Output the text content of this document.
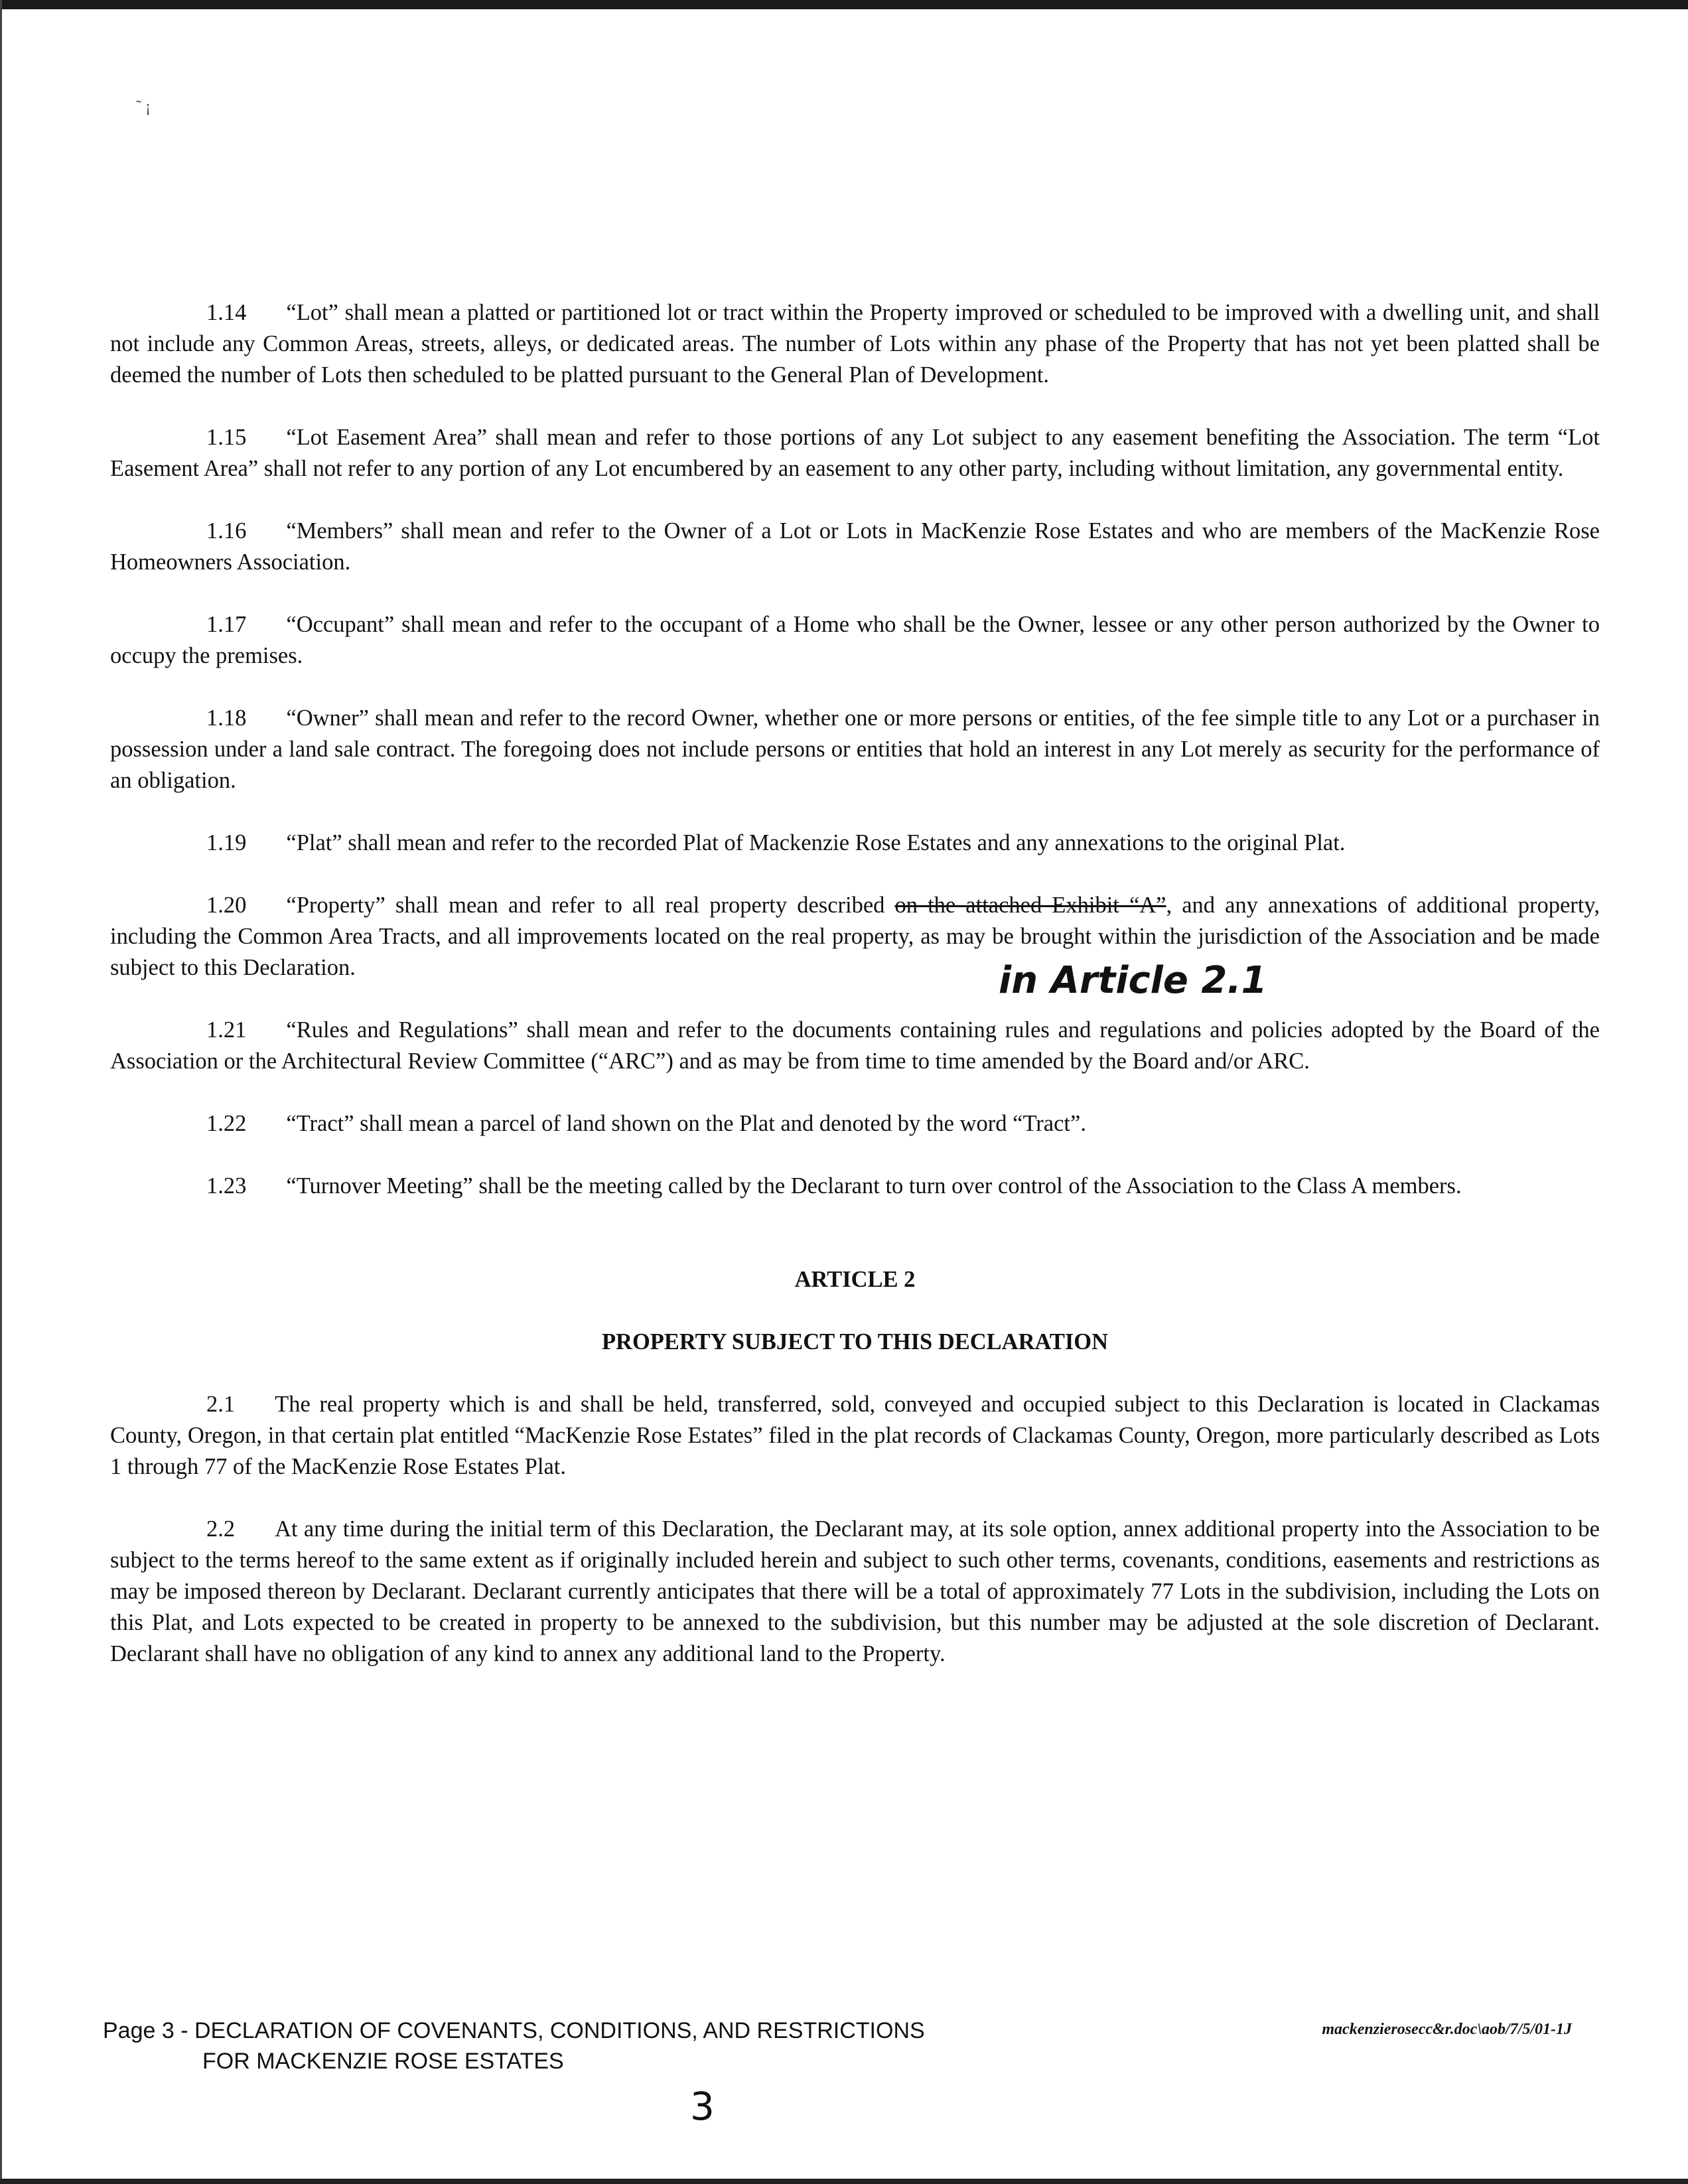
˜ ¡

1.14 “Lot” shall mean a platted or partitioned lot or tract within the Property improved or scheduled to be improved with a dwelling unit, and shall not include any Common Areas, streets, alleys, or dedicated areas. The number of Lots within any phase of the Property that has not yet been platted shall be deemed the number of Lots then scheduled to be platted pursuant to the General Plan of Development.

1.15 “Lot Easement Area” shall mean and refer to those portions of any Lot subject to any easement benefiting the Association. The term “Lot Easement Area” shall not refer to any portion of any Lot encumbered by an easement to any other party, including without limitation, any governmental entity.

1.16 “Members” shall mean and refer to the Owner of a Lot or Lots in MacKenzie Rose Estates and who are members of the MacKenzie Rose Homeowners Association.

1.17 “Occupant” shall mean and refer to the occupant of a Home who shall be the Owner, lessee or any other person authorized by the Owner to occupy the premises.

1.18 “Owner” shall mean and refer to the record Owner, whether one or more persons or entities, of the fee simple title to any Lot or a purchaser in possession under a land sale contract. The foregoing does not include persons or entities that hold an interest in any Lot merely as security for the performance of an obligation.

1.19 “Plat” shall mean and refer to the recorded Plat of Mackenzie Rose Estates and any annexations to the original Plat.

1.20 “Property” shall mean and refer to all real property described on the attached Exhibit “A”, and any annexations of additional property, including the Common Area Tracts, and all improvements located on the real property, as may be brought within the jurisdiction of the Association and be made subject to this Declaration.

1.21 “Rules and Regulations” shall mean and refer to the documents containing rules and regulations and policies adopted by the Board of the Association or the Architectural Review Committee (“ARC”) and as may be from time to time amended by the Board and/or ARC.

1.22 “Tract” shall mean a parcel of land shown on the Plat and denoted by the word “Tract”.

1.23 “Turnover Meeting” shall be the meeting called by the Declarant to turn over control of the Association to the Class A members.

ARTICLE 2
PROPERTY SUBJECT TO THIS DECLARATION

2.1 The real property which is and shall be held, transferred, sold, conveyed and occupied subject to this Declaration is located in Clackamas County, Oregon, in that certain plat entitled “MacKenzie Rose Estates” filed in the plat records of Clackamas County, Oregon, more particularly described as Lots 1 through 77 of the MacKenzie Rose Estates Plat.

2.2 At any time during the initial term of this Declaration, the Declarant may, at its sole option, annex additional property into the Association to be subject to the terms hereof to the same extent as if originally included herein and subject to such other terms, covenants, conditions, easements and restrictions as may be imposed thereon by Declarant. Declarant currently anticipates that there will be a total of approximately 77 Lots in the subdivision, including the Lots on this Plat, and Lots expected to be created in property to be annexed to the subdivision, but this number may be adjusted at the sole discretion of Declarant. Declarant shall have no obligation of any kind to annex any additional land to the Property.

in Article 2.1
Page 3 - DECLARATION OF COVENANTS, CONDITIONS, AND RESTRICTIONS
FOR MACKENZIE ROSE ESTATES
mackenzierosecc&r.doc\aob/7/5/01-1J
3
